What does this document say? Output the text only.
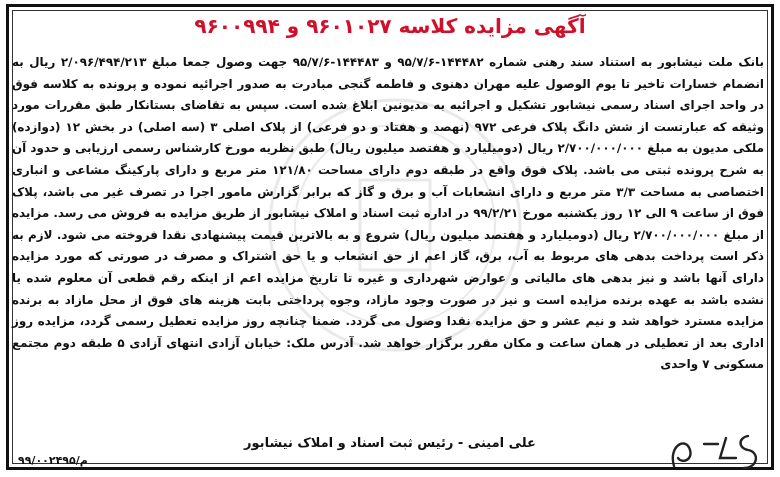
آگهی مزایده کلاسه ۹۶۰۱۰۲۷ و ۹۶۰۰۹۹۴
بانک ملت نیشابور به استناد سند رهنی شماره ۱۴۴۴۸۲-۹۵/۷/۶ و ۱۴۴۴۸۳-۹۵/۷/۶ جهت وصول جمعا مبلغ ۲/۰۹۶/۴۹۴/۲۱۳ ریال به انضمام خسارات تاخیر تا یوم الوصول علیه مهران دهنوی و فاطمه گنجی مبادرت به صدور اجرائیه نموده و پرونده به کلاسه فوق در واحد اجرای اسناد رسمی نیشابور تشکیل و اجرائیه به مدیونین ابلاغ شده است. سپس به تقاضای بستانکار طبق مقررات مورد وثیقه که عبارتست از شش دانگ پلاک فرعی ۹۷۲ (نهصد و هفتاد و دو فرعی) از پلاک اصلی ۳ (سه اصلی) در بخش ۱۲ (دوازده) ملکی مدیون به مبلغ ۲/۷۰۰/۰۰۰/۰۰۰ ریال (دومیلیارد و هفتصد میلیون ریال) طبق نظریه مورخ کارشناس رسمی ارزیابی و حدود آن به شرح پرونده ثبتی می باشد. پلاک فوق واقع در طبقه دوم دارای مساحت ۱۲۱/۸۰ متر مربع و دارای پارکینگ مشاعی و انباری اختصاصی به مساحت ۳/۳ متر مربع و دارای انشعابات آب و برق و گاز که برابر گزارش مامور اجرا در تصرف غیر می باشد، پلاک فوق از ساعت ۹ الی ۱۲ روز یکشنبه مورخ ۹۹/۲/۲۱ در اداره ثبت اسناد و املاک نیشابور از طریق مزایده به فروش می رسد. مزایده از مبلغ ۲/۷۰۰/۰۰۰/۰۰۰ ریال (دومیلیارد و هفتصد میلیون ریال) شروع و به بالاترین قیمت پیشنهادی نقدا فروخته می شود. لازم به ذکر است پرداخت بدهی های مربوط به آب، برق، گاز اعم از حق انشعاب و یا حق اشتراک و مصرف در صورتی که مورد مزایده دارای آنها باشد و نیز بدهی های مالیاتی و عوارض شهرداری و غیره تا تاریخ مزایده اعم از اینکه رقم قطعی آن معلوم شده یا نشده باشد به عهده برنده مزایده است و نیز در صورت وجود مازاد، وجوه پرداختی بابت هزینه های فوق از محل مازاد به برنده مزایده مسترد خواهد شد و نیم عشر و حق مزایده نقدا وصول می گردد. ضمنا چنانچه روز مزایده تعطیل رسمی گردد، مزایده روز اداری بعد از تعطیلی در همان ساعت و مکان مقرر برگزار خواهد شد. آدرس ملک: خیابان آزادی انتهای آزادی ۵ طبقه دوم مجتمع مسکونی ۷ واحدی
علی امینی - رئیس ثبت اسناد و املاک نیشابور
م/۹۹/۰۰۲۴۹۵
